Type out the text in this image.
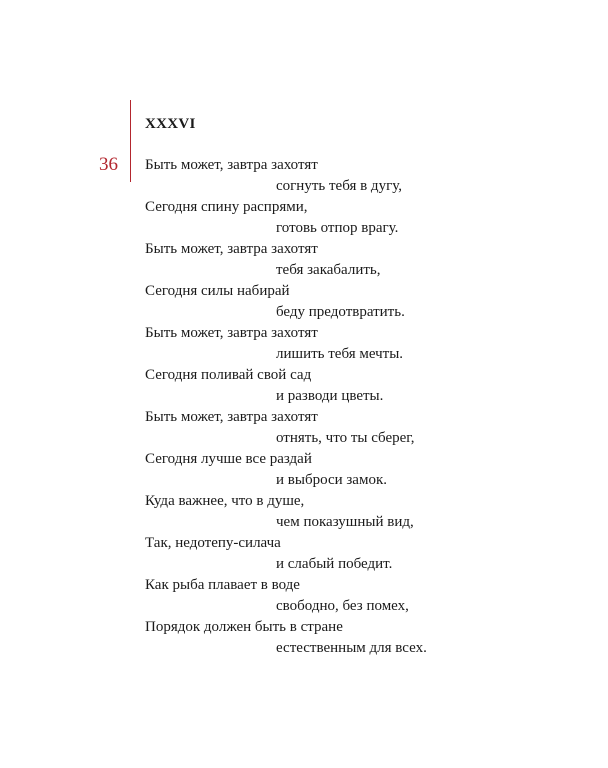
36
XXXVI
Быть может, завтра захотят
согнуть тебя в дугу,
Сегодня спину распрями,
готовь отпор врагу.
Быть может, завтра захотят
тебя закабалить,
Сегодня силы набирай
беду предотвратить.
Быть может, завтра захотят
лишить тебя мечты.
Сегодня поливай свой сад
и разводи цветы.
Быть может, завтра захотят
отнять, что ты сберег,
Сегодня лучше все раздай
и выброси замок.
Куда важнее, что в душе,
чем показушный вид,
Так, недотепу-силача
и слабый победит.
Как рыба плавает в воде
свободно, без помех,
Порядок должен быть в стране
естественным для всех.
